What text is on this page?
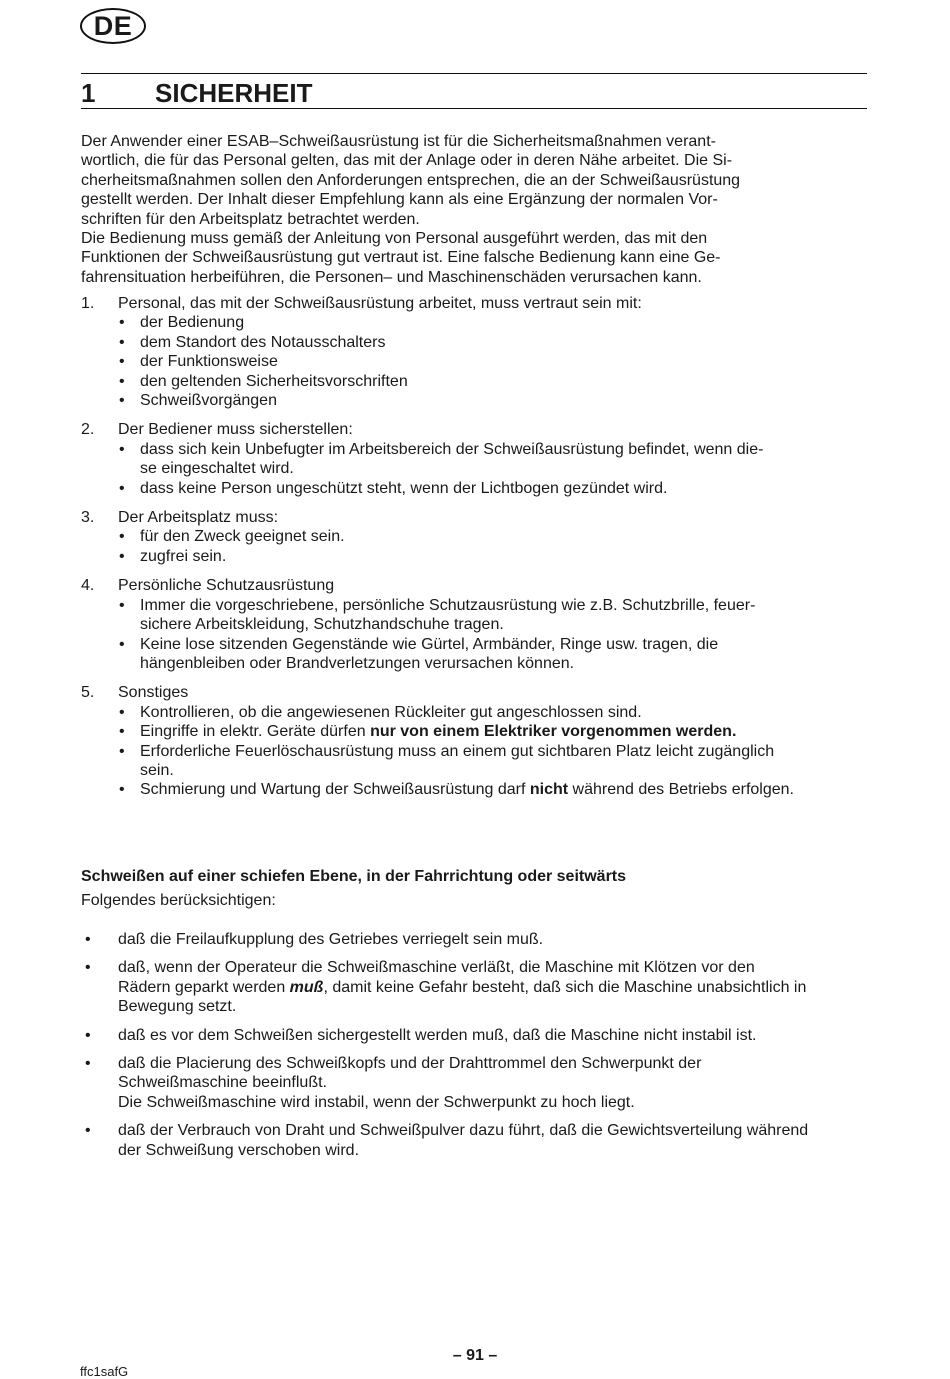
DE
1	SICHERHEIT
Der Anwender einer ESAB–Schweißausrüstung ist für die Sicherheitsmaßnahmen verant-
wortlich, die für das Personal gelten, das mit der Anlage oder in deren Nähe arbeitet. Die Si-
cherheitsmaßnahmen sollen den Anforderungen entsprechen, die an der Schweißausrüstung
gestellt werden. Der Inhalt dieser Empfehlung kann als eine Ergänzung der normalen Vor-
schriften für den Arbeitsplatz betrachtet werden.
Die Bedienung muss gemäß der Anleitung von Personal ausgeführt werden, das mit den
Funktionen der Schweißausrüstung gut vertraut ist. Eine falsche Bedienung kann eine Ge-
fahrensituation herbeiführen, die Personen– und Maschinenschäden verursachen kann.
1. Personal, das mit der Schweißausrüstung arbeitet, muss vertraut sein mit:
• der Bedienung
• dem Standort des Notausschalters
• der Funktionsweise
• den geltenden Sicherheitsvorschriften
• Schweißvorgängen
2. Der Bediener muss sicherstellen:
• dass sich kein Unbefugter im Arbeitsbereich der Schweißausrüstung befindet, wenn die-
se eingeschaltet wird.
• dass keine Person ungeschützt steht, wenn der Lichtbogen gezündet wird.
3. Der Arbeitsplatz muss:
• für den Zweck geeignet sein.
• zugfrei sein.
4. Persönliche Schutzausrüstung
• Immer die vorgeschriebene, persönliche Schutzausrüstung wie z.B. Schutzbrille, feuer-
sichere Arbeitskleidung, Schutzhandschuhe tragen.
• Keine lose sitzenden Gegenstände wie Gürtel, Armbänder, Ringe usw. tragen, die
hängenbleiben oder Brandverletzungen verursachen können.
5. Sonstiges
• Kontrollieren, ob die angewiesenen Rückleiter gut angeschlossen sind.
• Eingriffe in elektr. Geräte dürfen nur von einem Elektriker vorgenommen werden.
• Erforderliche Feuerlöschausrüstung muss an einem gut sichtbaren Platz leicht zugänglich
sein.
• Schmierung und Wartung der Schweißausrüstung darf nicht während des Betriebs erfolgen.
Schweißen auf einer schiefen Ebene, in der Fahrrichtung oder seitwärts
Folgendes berücksichtigen:
• daß die Freilaufkupplung des Getriebes verriegelt sein muß.
• daß, wenn der Operateur die Schweißmaschine verläßt, die Maschine mit Klötzen vor den
Rädern geparkt werden muß, damit keine Gefahr besteht, daß sich die Maschine unabsichtlich in
Bewegung setzt.
• daß es vor dem Schweißen sichergestellt werden muß, daß die Maschine nicht instabil ist.
• daß die Placierung des Schweißkopfs und der Drahttrommel den Schwerpunkt der
Schweißmaschine beeinflußt.
Die Schweißmaschine wird instabil, wenn der Schwerpunkt zu hoch liegt.
• daß der Verbrauch von Draht und Schweißpulver dazu führt, daß die Gewichtsverteilung während
der Schweißung verschoben wird.
– 91 –
ffc1safG
